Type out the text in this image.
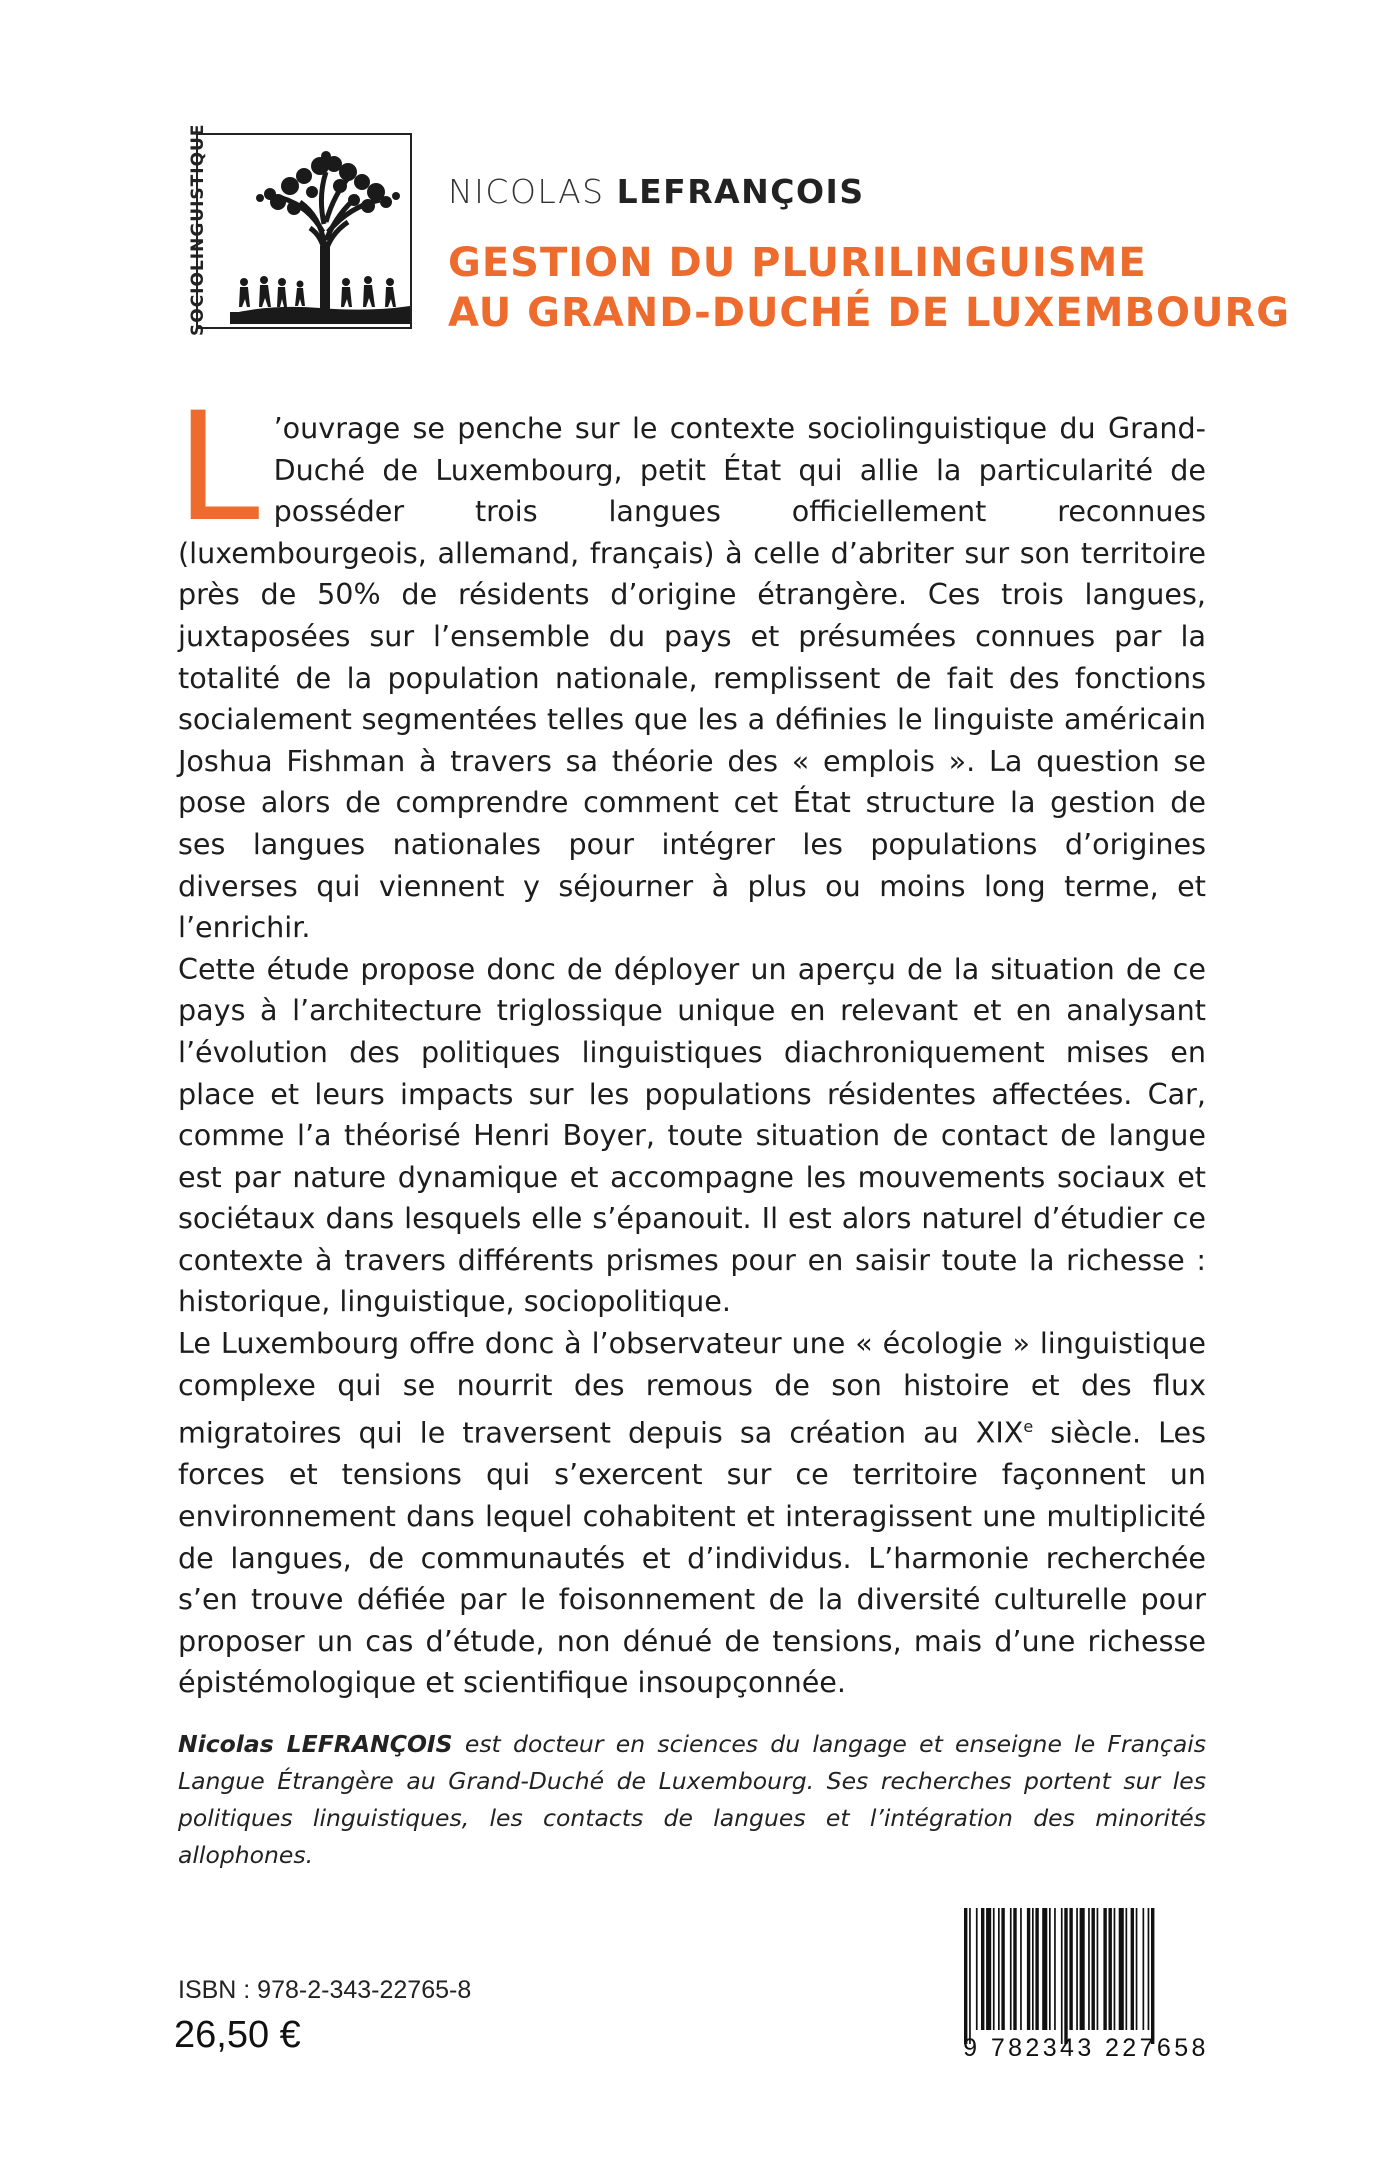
SOCIOLINGUISTIQUE	NICOLAS LEFRANÇOIS
GESTION DU PLURILINGUISME
AU GRAND-DUCHÉ DE LUXEMBOURG

L ’ouvrage se penche sur le contexte sociolinguistique du Grand-Duché de Luxembourg, petit État qui allie la particularité de posséder trois langues officiellement reconnues (luxembourgeois, allemand, français) à celle d’abriter sur son territoire près de 50% de résidents d’origine étrangère. Ces trois langues, juxtaposées sur l’ensemble du pays et présumées connues par la totalité de la population nationale, remplissent de fait des fonctions socialement segmentées telles que les a définies le linguiste américain Joshua Fishman à travers sa théorie des « emplois ». La question se pose alors de comprendre comment cet État structure la gestion de ses langues nationales pour intégrer les populations d’origines diverses qui viennent y séjourner à plus ou moins long terme, et l’enrichir.

Cette étude propose donc de déployer un aperçu de la situation de ce pays à l’architecture triglossique unique en relevant et en analysant l’évolution des politiques linguistiques diachroniquement mises en place et leurs impacts sur les populations résidentes affectées. Car, comme l’a théorisé Henri Boyer, toute situation de contact de langue est par nature dynamique et accompagne les mouvements sociaux et sociétaux dans lesquels elle s’épanouit. Il est alors naturel d’étudier ce contexte à travers différents prismes pour en saisir toute la richesse : historique, linguistique, sociopolitique.

Le Luxembourg offre donc à l’observateur une « écologie » linguistique complexe qui se nourrit des remous de son histoire et des flux migratoires qui le traversent depuis sa création au XIXe siècle. Les forces et tensions qui s’exercent sur ce territoire façonnent un environnement dans lequel cohabitent et interagissent une multiplicité de langues, de communautés et d’individus. L’harmonie recherchée s’en trouve défiée par le foisonnement de la diversité culturelle pour proposer un cas d’étude, non dénué de tensions, mais d’une richesse épistémologique et scientifique insoupçonnée.

Nicolas LEFRANÇOIS est docteur en sciences du langage et enseigne le Français Langue Étrangère au Grand-Duché de Luxembourg. Ses recherches portent sur les politiques linguistiques, les contacts de langues et l’intégration des minorités allophones.
ISBN : 978-2-343-22765-8
26,50 €	9 782343 227658
